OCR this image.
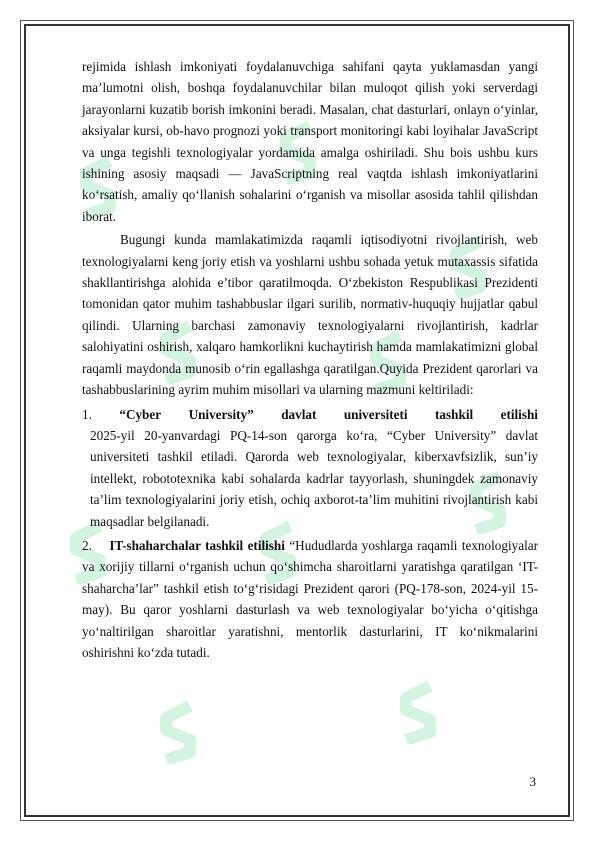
rejimida ishlash imkoniyati foydalanuvchiga sahifani qayta yuklamasdan yangi ma’lumotni olish, boshqa foydalanuvchilar bilan muloqot qilish yoki serverdagi jarayonlarni kuzatib borish imkonini beradi. Masalan, chat dasturlari, onlayn o‘yinlar, aksiyalar kursi, ob-havo prognozi yoki transport monitoringi kabi loyihalar JavaScript va unga tegishli texnologiyalar yordamida amalga oshiriladi. Shu bois ushbu kurs ishining asosiy maqsadi — JavaScriptning real vaqtda ishlash imkoniyatlarini ko‘rsatish, amaliy qo‘llanish sohalarini o‘rganish va misollar asosida tahlil qilishdan iborat.

Bugungi kunda mamlakatimizda raqamli iqtisodiyotni rivojlantirish, web texnologiyalarni keng joriy etish va yoshlarni ushbu sohada yetuk mutaxassis sifatida shakllantirishga alohida e’tibor qaratilmoqda. O‘zbekiston Respublikasi Prezidenti tomonidan qator muhim tashabbuslar ilgari surilib, normativ-huquqiy hujjatlar qabul qilindi. Ularning barchasi zamonaviy texnologiyalarni rivojlantirish, kadrlar salohiyatini oshirish, xalqaro hamkorlikni kuchaytirish hamda mamlakatimizni global raqamli maydonda munosib o‘rin egallashga qaratilgan.Quyida Prezident qarorlari va tashabbuslarining ayrim muhim misollari va ularning mazmuni keltiriladi:

1. “Cyber University” davlat universiteti tashkil etilishi

2025-yil 20-yanvardagi PQ-14-son qarorga ko‘ra, “Cyber University” davlat universiteti tashkil etiladi. Qarorda web texnologiyalar, kiberxavfsizlik, sun’iy intellekt, robototexnika kabi sohalarda kadrlar tayyorlash, shuningdek zamonaviy ta’lim texnologiyalarini joriy etish, ochiq axborot-ta’lim muhitini rivojlantirish kabi maqsadlar belgilanadi.

2. IT-shaharchalar tashkil etilishi “Hududlarda yoshlarga raqamli texnologiyalar va xorijiy tillarni o‘rganish uchun qo‘shimcha sharoitlarni yaratishga qaratilgan ‘IT-shaharcha’lar” tashkil etish to‘g‘risidagi Prezident qarori (PQ-178-son, 2024-yil 15-may). Bu qaror yoshlarni dasturlash va web texnologiyalar bo‘yicha o‘qitishga yo‘naltirilgan sharoitlar yaratishni, mentorlik dasturlarini, IT ko‘nikmalarini oshirishni ko‘zda tutadi.

3
